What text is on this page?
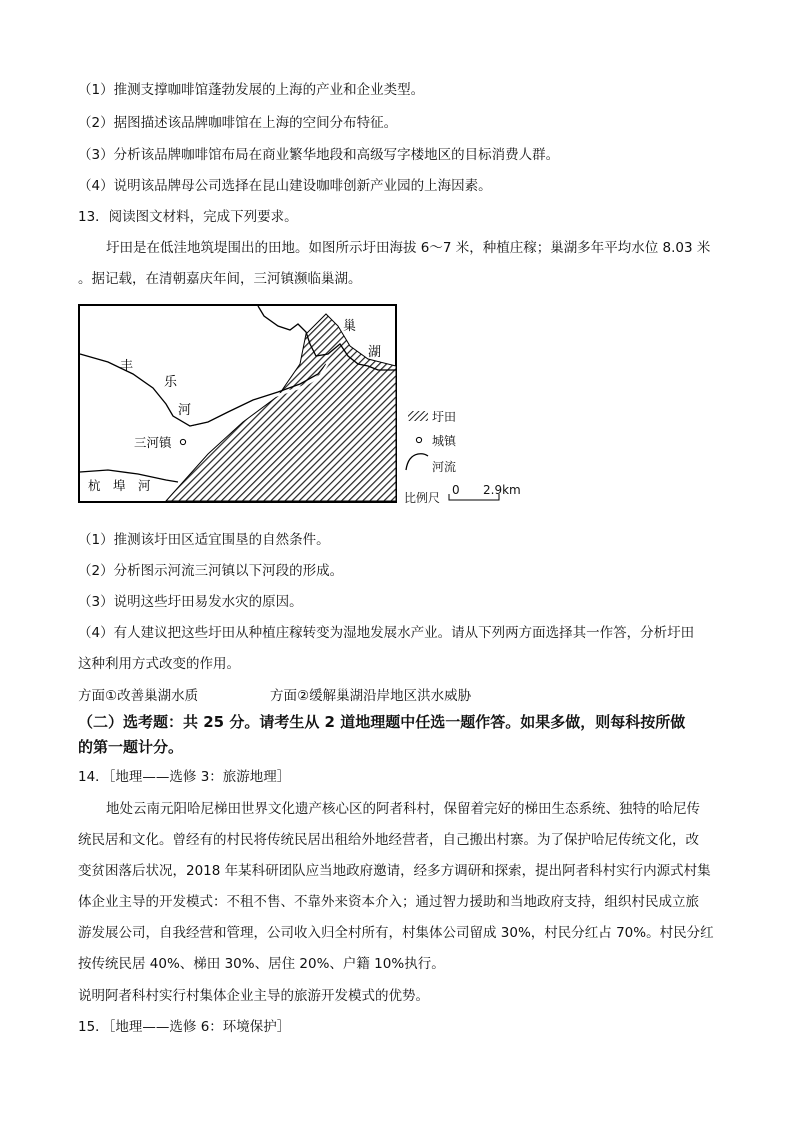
（1）推测支撑咖啡馆蓬勃发展的上海的产业和企业类型。
（2）据图描述该品牌咖啡馆在上海的空间分布特征。
（3）分析该品牌咖啡馆布局在商业繁华地段和高级写字楼地区的目标消费人群。
（4）说明该品牌母公司选择在昆山建设咖啡创新产业园的上海因素。
13．阅读图文材料，完成下列要求。
圩田是在低洼地筑堤围出的田地。如图所示圩田海拔 6～7 米，种植庄稼；巢湖多年平均水位 8.03 米
。据记载，在清朝嘉庆年间，三河镇濒临巢湖。
巢
湖
丰
乐
河
三河镇
杭　埠　河
圩田
城镇
河流
比例尺
0 2.9km
（1）推测该圩田区适宜围垦的自然条件。
（2）分析图示河流三河镇以下河段的形成。
（3）说明这些圩田易发水灾的原因。
（4）有人建议把这些圩田从种植庄稼转变为湿地发展水产业。请从下列两方面选择其一作答，分析圩田
这种利用方式改变的作用。
方面①改善巢湖水质	方面②缓解巢湖沿岸地区洪水威胁
（二）选考题：共 25 分。请考生从 2 道地理题中任选一题作答。如果多做，则每科按所做
的第一题计分。
14．［地理——选修 3：旅游地理］
地处云南元阳哈尼梯田世界文化遗产核心区的阿者科村，保留着完好的梯田生态系统、独特的哈尼传
统民居和文化。曾经有的村民将传统民居出租给外地经营者，自己搬出村寨。为了保护哈尼传统文化，改
变贫困落后状况，2018 年某科研团队应当地政府邀请，经多方调研和探索，提出阿者科村实行内源式村集
体企业主导的开发模式：不租不售、不靠外来资本介入；通过智力援助和当地政府支持，组织村民成立旅
游发展公司，自我经营和管理，公司收入归全村所有，村集体公司留成 30%，村民分红占 70%。村民分红
按传统民居 40%、梯田 30%、居住 20%、户籍 10%执行。
说明阿者科村实行村集体企业主导的旅游开发模式的优势。
15．［地理——选修 6：环境保护］
